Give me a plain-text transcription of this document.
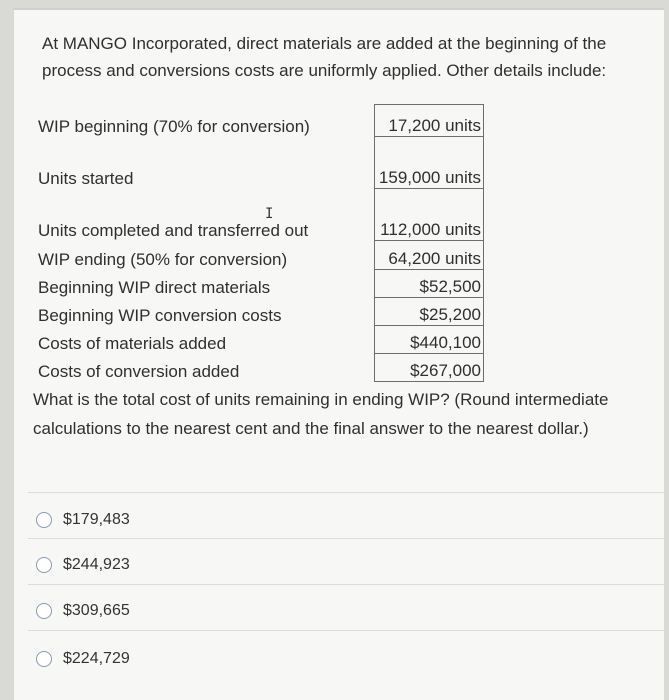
At MANGO Incorporated, direct materials are added at the beginning of the process and conversions costs are uniformly applied. Other details include:
WIP beginning (70% for conversion)	17,200 units
Units started	159,000 units
Units completed and transferred out	112,000 units
WIP ending (50% for conversion)	64,200 units
Beginning WIP direct materials	$52,500
Beginning WIP conversion costs	$25,200
Costs of materials added	$440,100
Costs of conversion added	$267,000
I
What is the total cost of units remaining in ending WIP? (Round intermediate calculations to the nearest cent and the final answer to the nearest dollar.)
$179,483
$244,923
$309,665
$224,729
